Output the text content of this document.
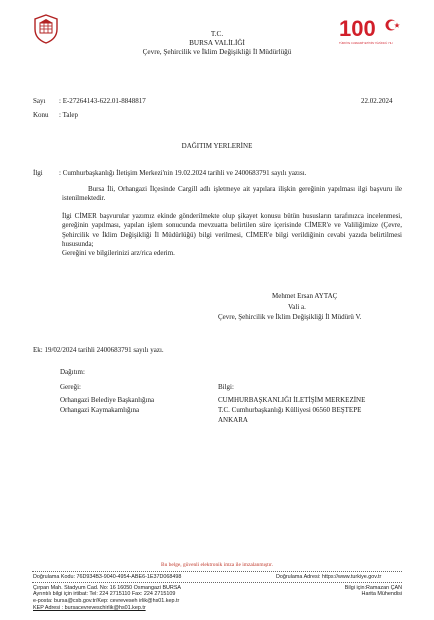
100
TÜRKİYE CUMHURİYETİ'NİN YÜZÜNCÜ YILI
T.C.
BURSA VALİLİĞİ
Çevre, Şehircilik ve İklim Değişikliği İl Müdürlüğü
Sayı : E-27264143-622.01-8848817	22.02.2024
Konu : Talep
DAĞITIM YERLERİNE
İlgi : Cumhurbaşkanlığı İletişim Merkezi'nin 19.02.2024 tarihli ve 2400683791 sayılı yazısı.
Bursa İli, Orhangazi İlçesinde Cargill adlı işletmeye ait yapılara ilişkin gereğinin yapılması ilgi başvuru ile istenilmektedir.
İlgi CİMER başvurular yazımız ekinde gönderilmekte olup şikayet konusu bütün hususların tarafınızca incelenmesi, gereğinin yapılması, yapılan işlem sonucunda mevzuatta belirtilen süre içerisinde CİMER'e ve Valiliğimize (Çevre, Şehircilik ve İklim Değişikliği İl Müdürlüğü) bilgi verilmesi, CİMER'e bilgi verildiğinin cevabi yazıda belirtilmesi hususunda;
Gereğini ve bilgilerinizi arz/rica ederim.
Mehmet Ersan AYTAÇ
Vali a.
Çevre, Şehircilik ve İklim Değişikliği İl Müdürü V.
Ek: 19/02/2024 tarihli 2400683791 sayılı yazı.
Dağıtım:
Gereği:
Orhangazi Belediye Başkanlığına
Orhangazi Kaymakamlığına
Bilgi:
CUMHURBAŞKANLIĞI İLETİŞİM MERKEZİNE
T.C. Cumhurbaşkanlığı Külliyesi 06560 BEŞTEPE
ANKARA
Bu belge, güvenli elektronik imza ile imzalanmıştır.
Doğrulama Kodu: 76D934B3-9040-4954-ABE6-1E37D068498	Doğrulama Adresi: https://www.turkiye.gov.tr
Çırpan Mah. Stadyum Cad. No: 16 16050 Osmangazi BURSA
Ayrıntılı bilgi için irtibat: Tel: 224 2715110 Fax: 224 2715109
e-posta: bursa@csb.gov.tr/Kep: cevreveseh irlik@hs01.kep.tr
KEP Adresi : bursacevreveschirlik@hs01.kep.tr
Bilgi için:Ramazan ÇAN
Harita Mühendisi
